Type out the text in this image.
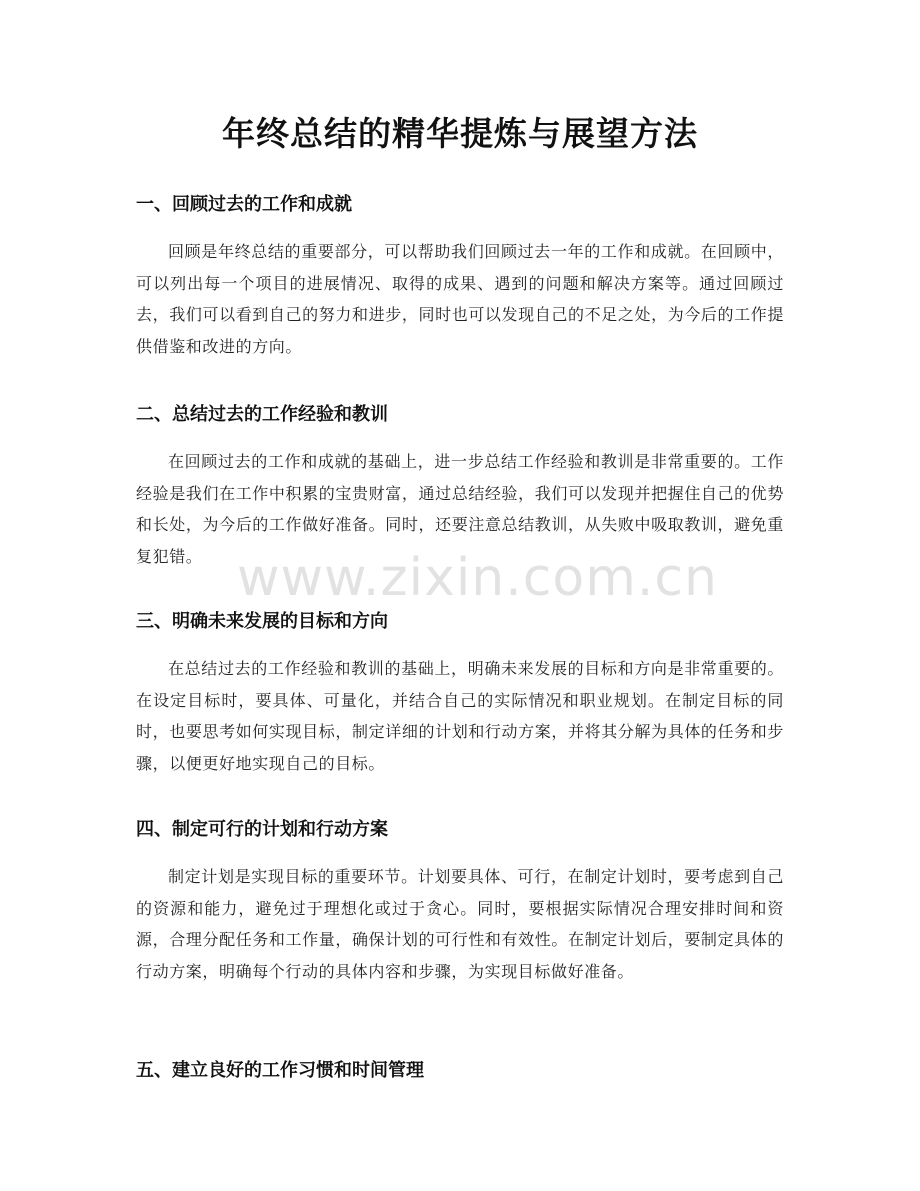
年终总结的精华提炼与展望方法
一、回顾过去的工作和成就

回顾是年终总结的重要部分，可以帮助我们回顾过去一年的工作和成就。在回顾中，可以列出每一个项目的进展情况、取得的成果、遇到的问题和解决方案等。通过回顾过去，我们可以看到自己的努力和进步，同时也可以发现自己的不足之处，为今后的工作提供借鉴和改进的方向。

二、总结过去的工作经验和教训

在回顾过去的工作和成就的基础上，进一步总结工作经验和教训是非常重要的。工作经验是我们在工作中积累的宝贵财富，通过总结经验，我们可以发现并把握住自己的优势和长处，为今后的工作做好准备。同时，还要注意总结教训，从失败中吸取教训，避免重复犯错。

三、明确未来发展的目标和方向

在总结过去的工作经验和教训的基础上，明确未来发展的目标和方向是非常重要的。在设定目标时，要具体、可量化，并结合自己的实际情况和职业规划。在制定目标的同时，也要思考如何实现目标，制定详细的计划和行动方案，并将其分解为具体的任务和步骤，以便更好地实现自己的目标。

四、制定可行的计划和行动方案

制定计划是实现目标的重要环节。计划要具体、可行，在制定计划时，要考虑到自己的资源和能力，避免过于理想化或过于贪心。同时，要根据实际情况合理安排时间和资源，合理分配任务和工作量，确保计划的可行性和有效性。在制定计划后，要制定具体的行动方案，明确每个行动的具体内容和步骤，为实现目标做好准备。

五、建立良好的工作习惯和时间管理
www.zixin.com.cn
